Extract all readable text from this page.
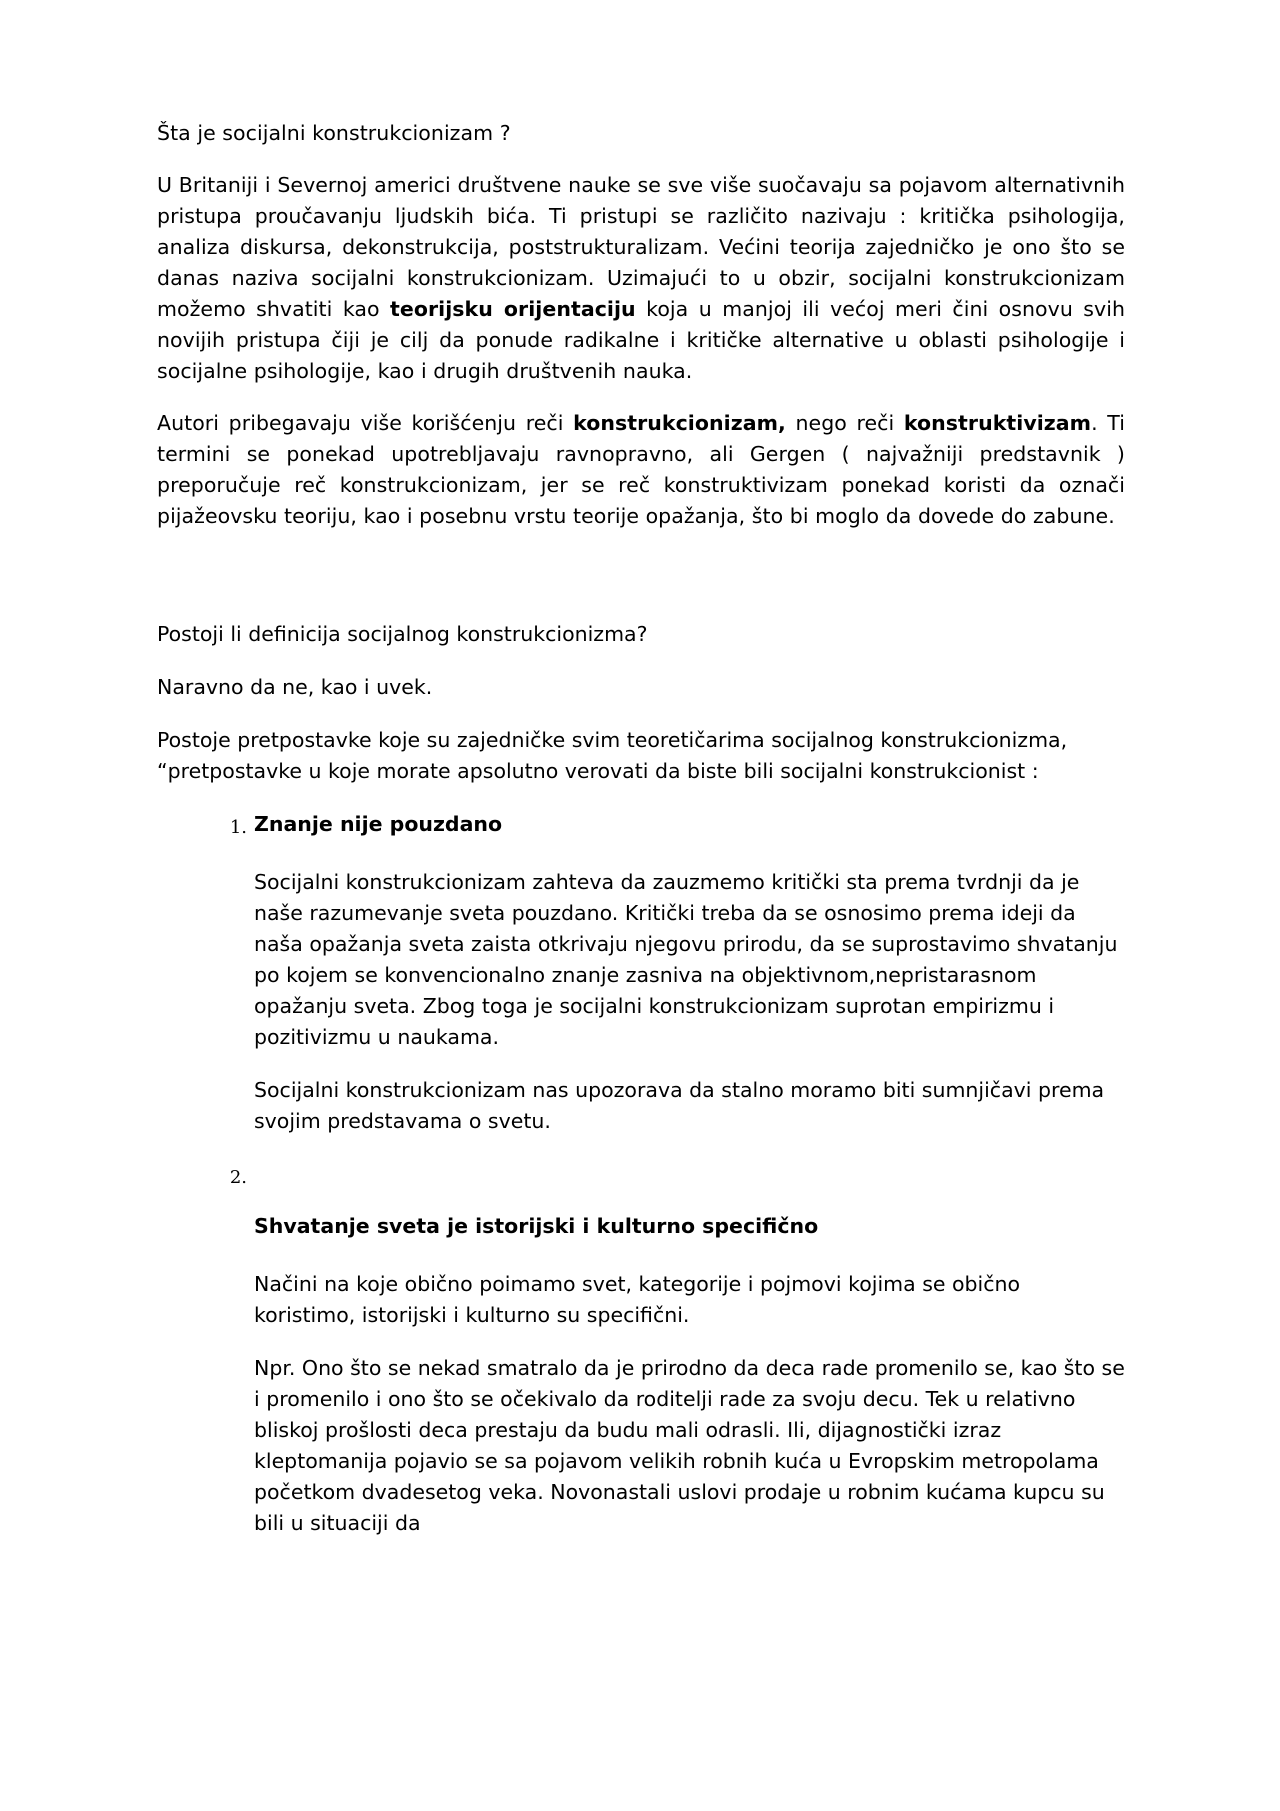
Šta je socijalni konstrukcionizam ?

U Britaniji i Severnoj americi društvene nauke se sve više suočavaju sa pojavom alternativnih pristupa proučavanju ljudskih bića. Ti pristupi se različito nazivaju : kritička psihologija, analiza diskursa, dekonstrukcija, poststrukturalizam. Većini teorija zajedničko je ono što se danas naziva socijalni konstrukcionizam. Uzimajući to u obzir, socijalni konstrukcionizam možemo shvatiti kao teorijsku orijentaciju koja u manjoj ili većoj meri čini osnovu svih novijih pristupa čiji je cilj da ponude radikalne i kritičke alternative u oblasti psihologije i socijalne psihologije, kao i drugih društvenih nauka.

Autori pribegavaju više korišćenju reči konstrukcionizam, nego reči konstruktivizam. Ti termini se ponekad upotrebljavaju ravnopravno, ali Gergen ( najvažniji predstavnik ) preporučuje reč konstrukcionizam, jer se reč konstruktivizam ponekad koristi da označi pijažeovsku teoriju, kao i posebnu vrstu teorije opažanja, što bi moglo da dovede do zabune.

Postoji li definicija socijalnog konstrukcionizma?

Naravno da ne, kao i uvek.

Postoje pretpostavke koje su zajedničke svim teoretičarima socijalnog konstrukcionizma, “pretpostavke u koje morate apsolutno verovati da biste bili socijalni konstrukcionist :

Znanje nije pouzdano

Socijalni konstrukcionizam zahteva da zauzmemo kritički sta prema tvrdnji da je naše razumevanje sveta pouzdano. Kritički treba da se osnosimo prema ideji da naša opažanja sveta zaista otkrivaju njegovu prirodu, da se suprostavimo shvatanju po kojem se konvencionalno znanje zasniva na objektivnom,nepristarasnom opažanju sveta. Zbog toga je socijalni konstrukcionizam suprotan empirizmu i pozitivizmu u naukama.

Socijalni konstrukcionizam nas upozorava da stalno moramo biti sumnjičavi prema svojim predstavama o svetu.

Shvatanje sveta je istorijski i kulturno specifično

Načini na koje obično poimamo svet, kategorije i pojmovi kojima se obično koristimo, istorijski i kulturno su specifični.

Npr. Ono što se nekad smatralo da je prirodno da deca rade promenilo se, kao što se i promenilo i ono što se očekivalo da roditelji rade za svoju decu. Tek u relativno bliskoj prošlosti deca prestaju da budu mali odrasli. Ili, dijagnostički izraz kleptomanija pojavio se sa pojavom velikih robnih kuća u Evropskim metropolama početkom dvadesetog veka. Novonastali uslovi prodaje u robnim kućama kupcu su bili u situaciji da
